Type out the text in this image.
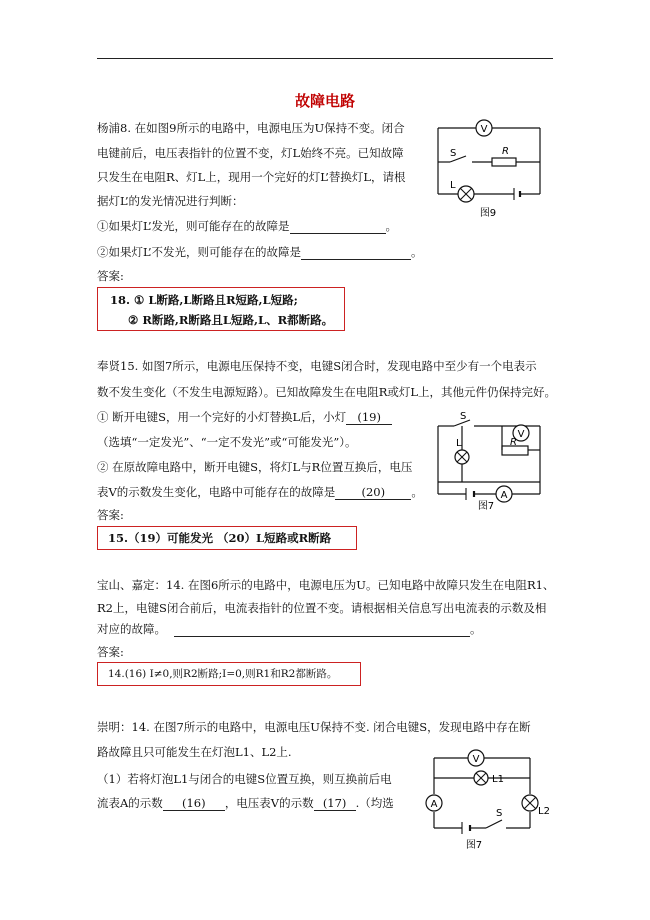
故障电路
杨浦8. 在如图9所示的电路中，电源电压为U保持不变。闭合
电键前后，电压表指针的位置不变，灯L始终不亮。已知故障
只发生在电阻R、灯L上，现用一个完好的灯L’替换灯L，请根
据灯L’的发光情况进行判断：
①如果灯L’发光，则可能存在的故障是	。
②如果灯L’不发光，则可能存在的故障是	。
答案:
18. ① L断路,L断路且R短路,L短路;
② R断路,R断路且L短路,L、R都断路。
V
S	R
L
图9
奉贤15. 如图7所示，电源电压保持不变，电键S闭合时，发现电路中至少有一个电表示
数不发生变化（不发生电源短路）。已知故障发生在电阻R或灯L上，其他元件仍保持完好。
① 断开电键S，用一个完好的小灯替换L后，小灯 (19)
（选填“一定发光”、“一定不发光”或“可能发光”）。
② 在原故障电路中，断开电键S，将灯L与R位置互换后，电压
表V的示数发生变化，电路中可能存在的故障是 (20) 。
答案:
15.（19）可能发光 （20）L短路或R断路
S
V
L	R
A
图7
宝山、嘉定：14. 在图6所示的电路中，电源电压为U。已知电路中故障只发生在电阻R1、
R2上，电键S闭合前后，电流表指针的位置不变。请根据相关信息写出电流表的示数及相
对应的故障。	。
答案:
14.(16) I≠0,则R2断路;I=0,则R1和R2都断路。
崇明：14. 在图7所示的电路中，电源电压U保持不变. 闭合电键S，发现电路中存在断
路故障且只可能发生在灯泡L1、L2上.
（1）若将灯泡L1与闭合的电键S位置互换，则互换前后电
流表A的示数 (16) ，电压表V的示数 (17) .（均选
V
L1
A
S	L2
图7
